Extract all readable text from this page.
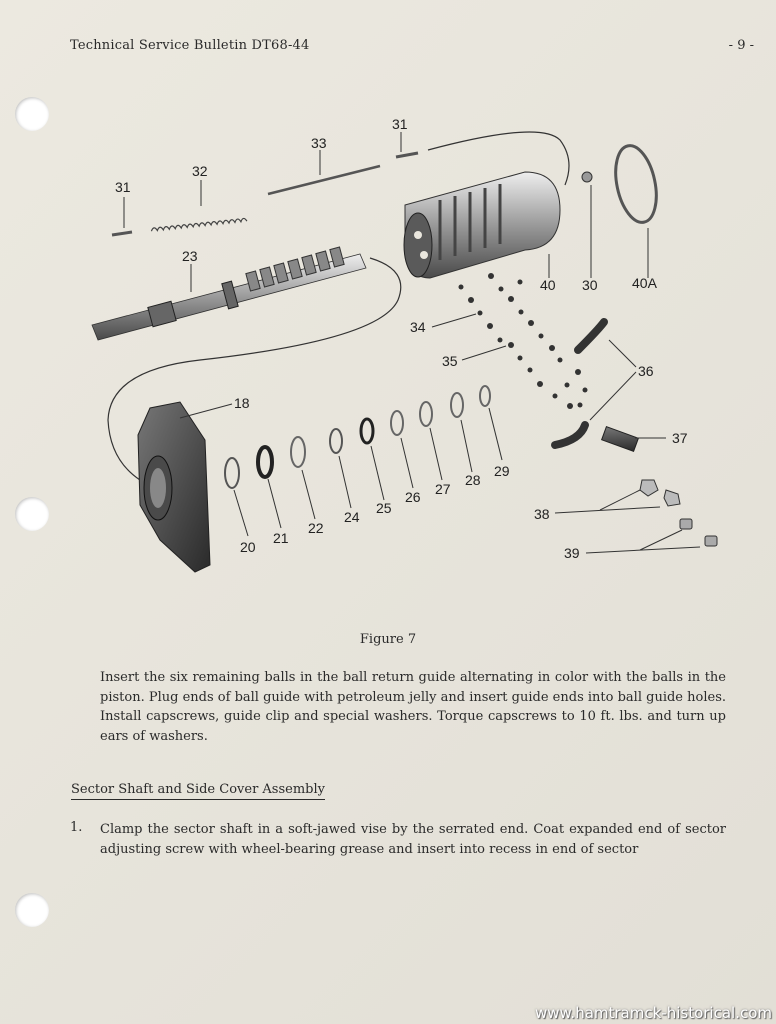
Technical Service Bulletin DT68-44	- 9 -
31
32
33
31
23
40 30 40A
34
35
36
37
18
20
21
22
24
25
26 27
28
29
38
39
Figure 7
Insert the six remaining balls in the ball return guide alternating in color with the balls in the piston. Plug ends of ball guide with petroleum jelly and insert guide ends into ball guide holes. Install capscrews, guide clip and special washers. Torque capscrews to 10 ft. lbs. and turn up ears of washers.
Sector Shaft and Side Cover Assembly
1. Clamp the sector shaft in a soft-jawed vise by the serrated end. Coat expanded end of sector adjusting screw with wheel-bearing grease and insert into recess in end of sector
www.hamtramck-historical.com
